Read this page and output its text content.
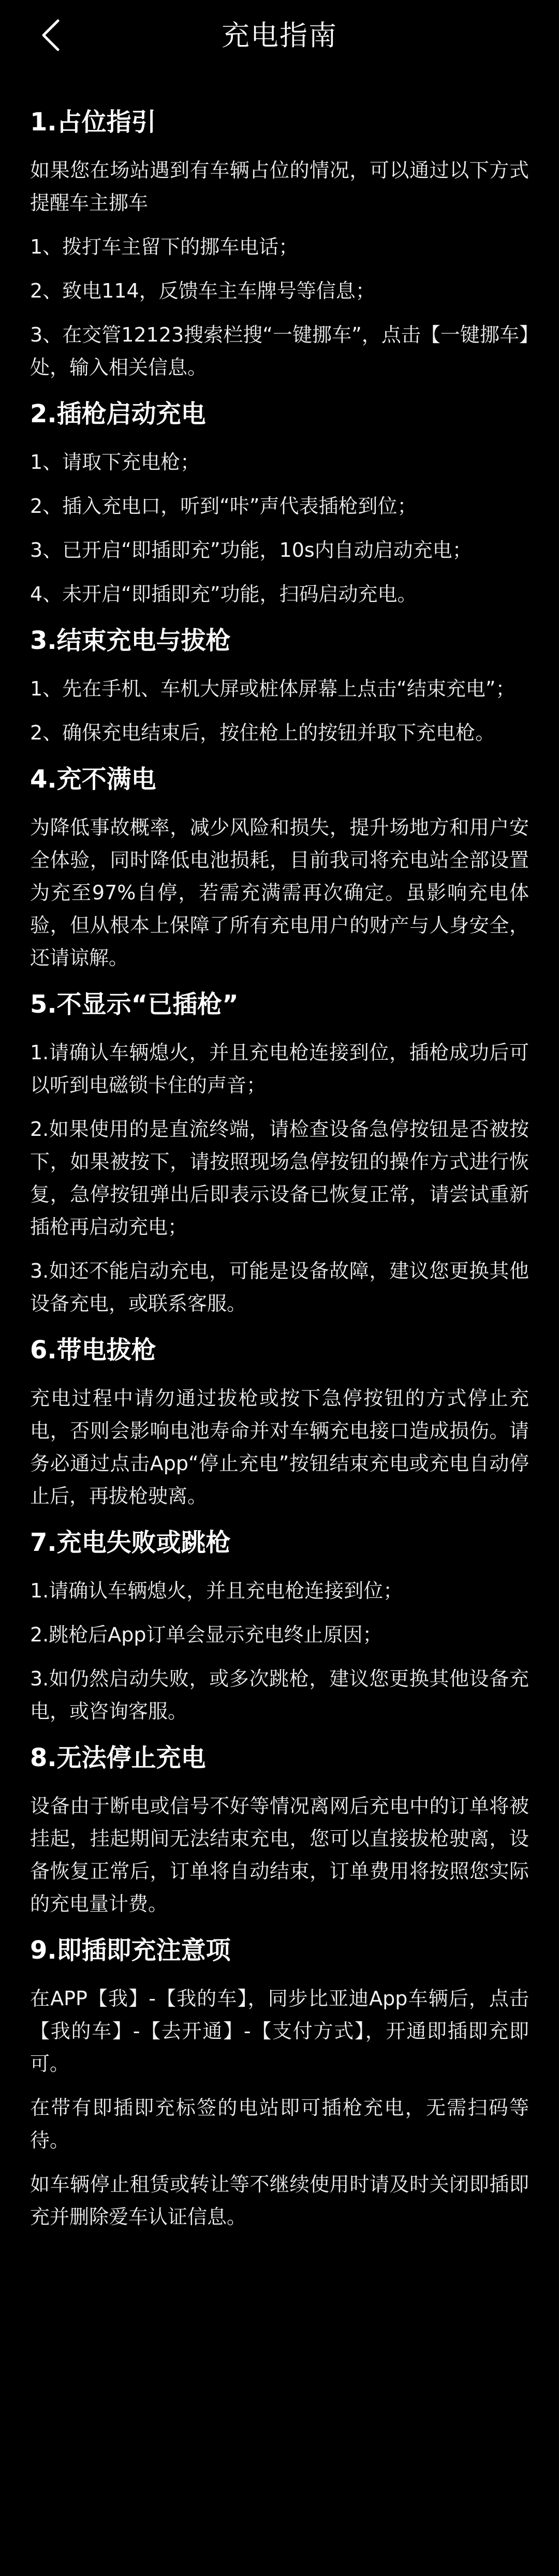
充电指南
1.占位指引

如果您在场站遇到有车辆占位的情况，可以通过以下方式提醒车主挪车

1、拨打车主留下的挪车电话；

2、致电114，反馈车主车牌号等信息；

3、在交管12123搜索栏搜“一键挪车”，点击【一键挪车】处，输入相关信息。

2.插枪启动充电

1、请取下充电枪；

2、插入充电口，听到“咔”声代表插枪到位；

3、已开启“即插即充”功能，10s内自动启动充电；

4、未开启“即插即充”功能，扫码启动充电。

3.结束充电与拔枪

1、先在手机、车机大屏或桩体屏幕上点击“结束充电”；

2、确保充电结束后，按住枪上的按钮并取下充电枪。

4.充不满电

为降低事故概率，减少风险和损失，提升场地方和用户安全体验，同时降低电池损耗，目前我司将充电站全部设置为充至97%自停，若需充满需再次确定。虽影响充电体验，但从根本上保障了所有充电用户的财产与人身安全，还请谅解。

5.不显示“已插枪”

1.请确认车辆熄火，并且充电枪连接到位，插枪成功后可以听到电磁锁卡住的声音；

2.如果使用的是直流终端，请检查设备急停按钮是否被按下，如果被按下，请按照现场急停按钮的操作方式进行恢复，急停按钮弹出后即表示设备已恢复正常，请尝试重新插枪再启动充电；

3.如还不能启动充电，可能是设备故障，建议您更换其他设备充电，或联系客服。

6.带电拔枪

充电过程中请勿通过拔枪或按下急停按钮的方式停止充电，否则会影响电池寿命并对车辆充电接口造成损伤。请务必通过点击App“停止充电”按钮结束充电或充电自动停止后，再拔枪驶离。

7.充电失败或跳枪

1.请确认车辆熄火，并且充电枪连接到位；

2.跳枪后App订单会显示充电终止原因；

3.如仍然启动失败，或多次跳枪，建议您更换其他设备充电，或咨询客服。

8.无法停止充电

设备由于断电或信号不好等情况离网后充电中的订单将被挂起，挂起期间无法结束充电，您可以直接拔枪驶离，设备恢复正常后，订单将自动结束，订单费用将按照您实际的充电量计费。

9.即插即充注意项

在APP【我】-【我的车】，同步比亚迪App车辆后，点击【我的车】-【去开通】-【支付方式】，开通即插即充即可。

在带有即插即充标签的电站即可插枪充电，无需扫码等待。

如车辆停止租赁或转让等不继续使用时请及时关闭即插即充并删除爱车认证信息。
